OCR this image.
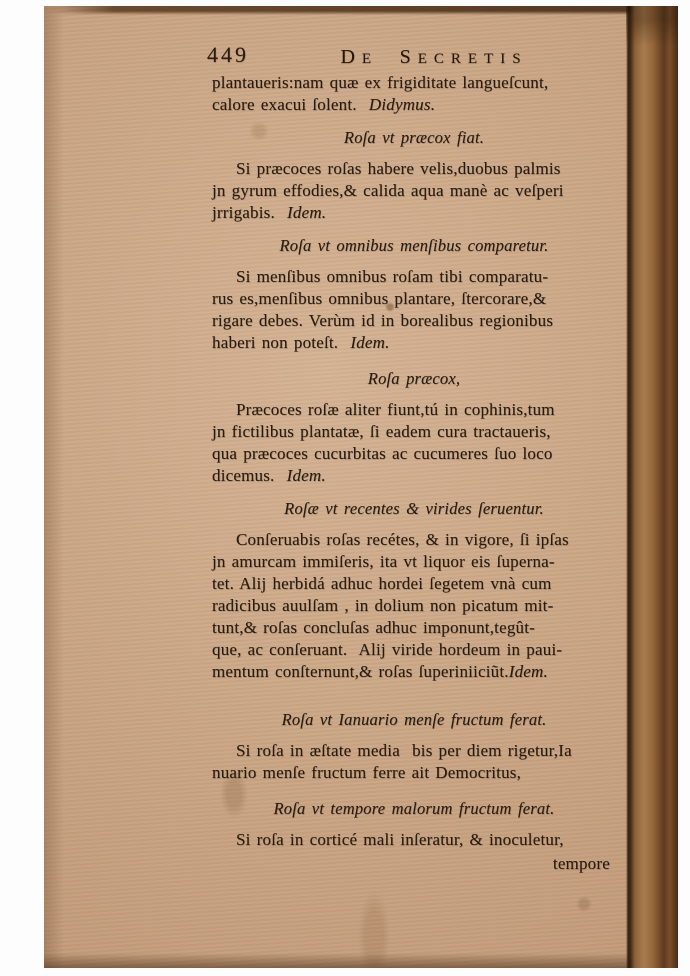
449	DE SECRETIS
plantaueris:nam quæ ex frigiditate langueſcunt,
calore exacui ſolent.  Didymus.
Roſa vt præcox fiat.
Si præcoces roſas habere velis,duobus palmis
jn gyrum effodies,& calida aqua manè ac veſperi
jrrigabis.  Idem.
Roſa vt omnibus menſibus comparetur.
Si menſibus omnibus roſam tibi comparatu-
rus es,menſibus omnibus plantare, ſtercorare,&
rigare debes. Verùm id in borealibus regionibus
haberi non poteſt.  Idem.
Roſa præcox,
Præcoces roſæ aliter fiunt,tú in cophinis,tum
jn fictilibus plantatæ, ſi eadem cura tractaueris,
qua præcoces cucurbitas ac cucumeres ſuo loco
dicemus.  Idem.
Roſæ vt recentes & virides ſeruentur.
Conſeruabis roſas recétes, & in vigore, ſi ipſas
jn amurcam immiſeris, ita vt liquor eis ſuperna-
tet. Alij herbidá adhuc hordei ſegetem vnà cum
radicibus auulſam , in dolium non picatum mit-
tunt,& roſas concluſas adhuc imponunt,tegût-
que, ac conſeruant.  Alij viride hordeum in paui-
mentum conſternunt,& roſas ſuperiniiciũt.Idem.
Roſa vt Ianuario menſe fructum ferat.
Si roſa in æſtate media  bis per diem rigetur,Ia
nuario menſe fructum ferre ait Democritus,
Roſa vt tempore malorum fructum ferat.
Si roſa in corticé mali inſeratur, & inoculetur,
tempore
